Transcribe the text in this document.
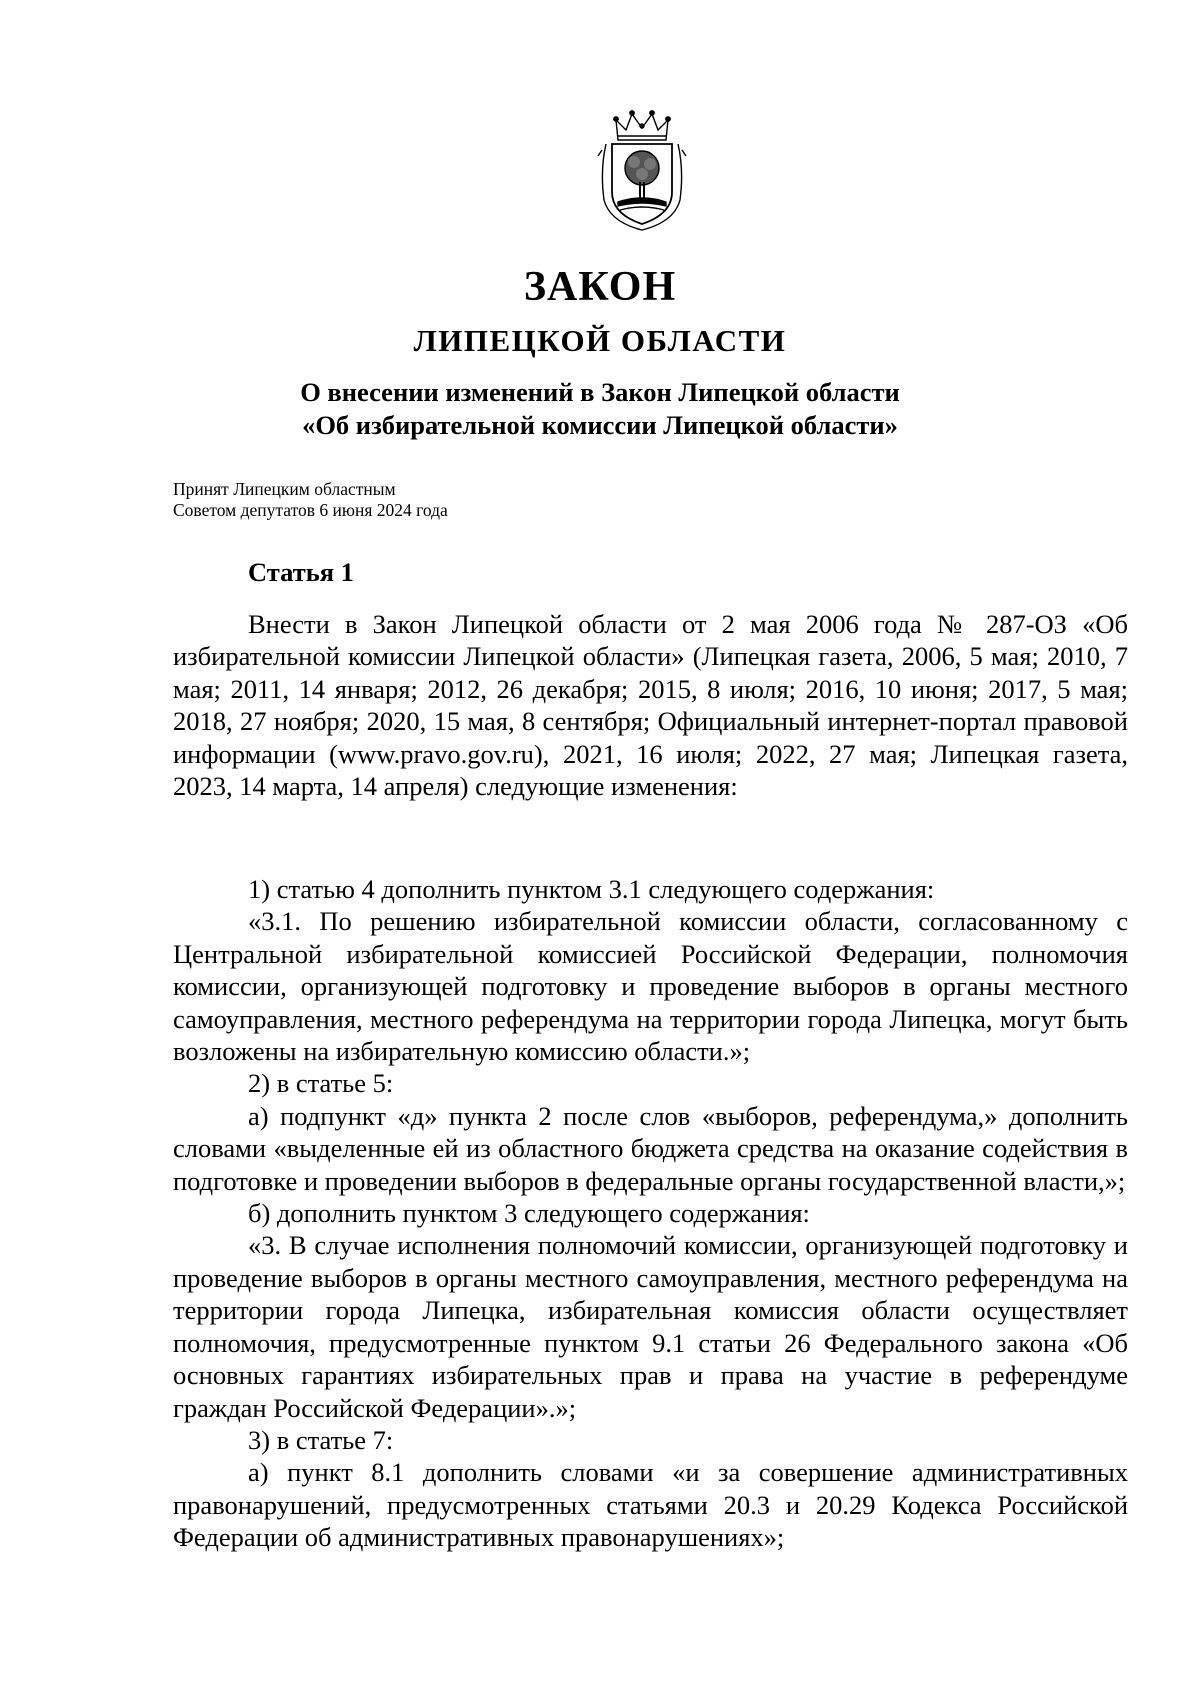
ЗАКОН
ЛИПЕЦКОЙ ОБЛАСТИ
О внесении изменений в Закон Липецкой области
«Об избирательной комиссии Липецкой области»
Принят Липецким областным
Советом депутатов 6 июня 2024 года
Статья 1

Внести в Закон Липецкой области от 2 мая 2006 года № 287-ОЗ «Об избирательной комиссии Липецкой области» (Липецкая газета, 2006, 5 мая; 2010, 7 мая; 2011, 14 января; 2012, 26 декабря; 2015, 8 июля; 2016, 10 июня; 2017, 5 мая; 2018, 27 ноября; 2020, 15 мая, 8 сентября; Официальный интернет-портал правовой информации (www.pravo.gov.ru), 2021, 16 июля; 2022, 27 мая; Липецкая газета, 2023, 14 марта, 14 апреля) следующие изменения:

1) статью 4 дополнить пунктом 3.1 следующего содержания:

«3.1. По решению избирательной комиссии области, согласованному с Центральной избирательной комиссией Российской Федерации, полномочия комиссии, организующей подготовку и проведение выборов в органы местного самоуправления, местного референдума на территории города Липецка, могут быть возложены на избирательную комиссию области.»;

2) в статье 5:

а) подпункт «д» пункта 2 после слов «выборов, референдума,» дополнить словами «выделенные ей из областного бюджета средства на оказание содействия в подготовке и проведении выборов в федеральные органы государственной власти,»;

б) дополнить пунктом 3 следующего содержания:

«3. В случае исполнения полномочий комиссии, организующей подготовку и проведение выборов в органы местного самоуправления, местного референдума на территории города Липецка, избирательная комиссия области осуществляет полномочия, предусмотренные пунктом 9.1 статьи 26 Федерального закона «Об основных гарантиях избирательных прав и права на участие в референдуме граждан Российской Федерации».»;

3) в статье 7:

а) пункт 8.1 дополнить словами «и за совершение административных правонарушений, предусмотренных статьями 20.3 и 20.29 Кодекса Российской Федерации об административных правонарушениях»;
